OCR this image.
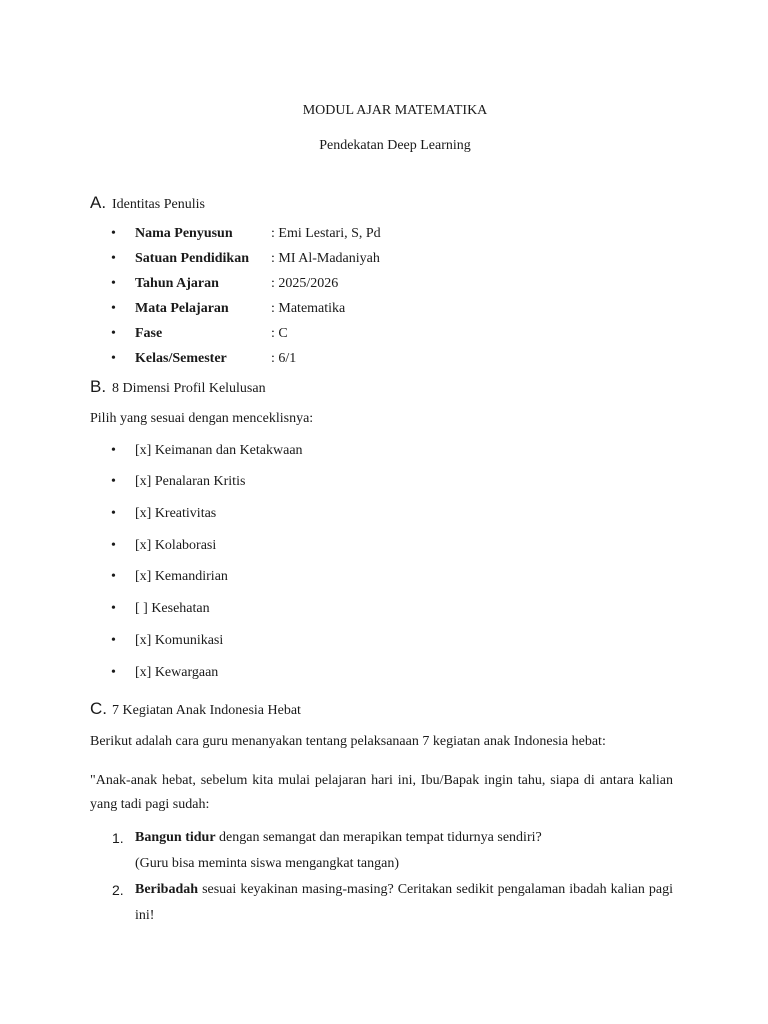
MODUL AJAR MATEMATIKA
Pendekatan Deep Learning
A. Identitas Penulis
• Nama Penyusun	: Emi Lestari, S, Pd
• Satuan Pendidikan : MI Al-Madaniyah
• Tahun Ajaran	: 2025/2026
• Mata Pelajaran	: Matematika
• Fase	: C
• Kelas/Semester	: 6/1
B. 8 Dimensi Profil Kelulusan
Pilih yang sesuai dengan menceklisnya:
• [x] Keimanan dan Ketakwaan
• [x] Penalaran Kritis
• [x] Kreativitas
• [x] Kolaborasi
• [x] Kemandirian
• [ ] Kesehatan
• [x] Komunikasi
• [x] Kewargaan
C. 7 Kegiatan Anak Indonesia Hebat
Berikut adalah cara guru menanyakan tentang pelaksanaan 7 kegiatan anak Indonesia hebat:
"Anak-anak hebat, sebelum kita mulai pelajaran hari ini, Ibu/Bapak ingin tahu, siapa di antara kalian yang tadi pagi sudah:
1. Bangun tidur dengan semangat dan merapikan tempat tidurnya sendiri?
(Guru bisa meminta siswa mengangkat tangan)
2. Beribadah sesuai keyakinan masing-masing? Ceritakan sedikit pengalaman ibadah kalian pagi ini!
